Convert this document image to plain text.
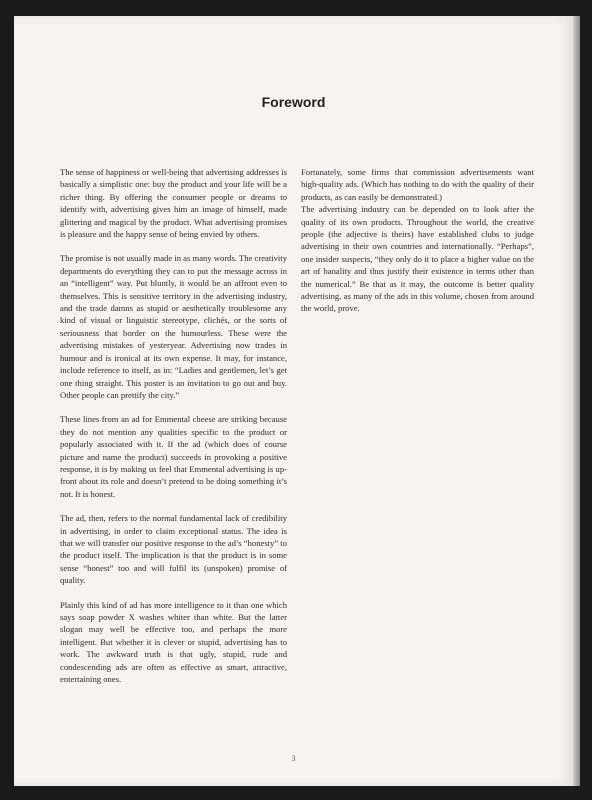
Foreword

The sense of happiness or well-being that advertising addresses is basically a simplistic one: buy the product and your life will be a richer thing. By offering the consumer people or dreams to identify with, advertising gives him an image of himself, made glittering and magical by the product. What advertising promises is pleasure and the happy sense of being envied by others.

The promise is not usually made in as many words. The creativity departments do everything they can to put the message across in an “intelligent” way. Put bluntly, it would be an affront even to themselves. This is sensitive territory in the advertising industry, and the trade damns as stupid or aesthetically troublesome any kind of visual or linguistic stereotype, clichés, or the sorts of seriousness that border on the humourless. These were the advertising mistakes of yesteryear. Advertising now trades in humour and is ironical at its own expense. It may, for instance, include reference to itself, as in: “Ladies and gentlemen, let’s get one thing straight. This poster is an invitation to go out and buy. Other people can prettify the city.”

These lines from an ad for Emmental cheese are striking because they do not mention any qualities specific to the product or popularly associated with it. If the ad (which does of course picture and name the product) succeeds in provoking a positive response, it is by making us feel that Emmental advertising is up-front about its role and doesn’t pretend to be doing something it’s not. It is honest.

The ad, then, refers to the normal fundamental lack of credibility in advertising, in order to claim exceptional status. The idea is that we will transfer our positive response to the ad’s “honesty” to the product itself. The implication is that the product is in some sense “honest” too and will fulfil its (unspoken) promise of quality.

Plainly this kind of ad has more intelligence to it than one which says soap powder X washes whiter than white. But the latter slogan may well be effective too, and perhaps the more intelligent. But whether it is clever or stupid, advertising has to work. The awkward truth is that ugly, stupid, rude and condescending ads are often as effective as smart, attractive, entertaining ones.

Fortunately, some firms that commission advertisements want high-quality ads. (Which has nothing to do with the quality of their products, as can easily be demonstrated.)

The advertising industry can be depended on to look after the quality of its own products. Throughout the world, the creative people (the adjective is theirs) have established clubs to judge advertising in their own countries and internationally. “Perhaps”, one insider suspects, “they only do it to place a higher value on the art of banality and thus justify their existence in terms other than the numerical.” Be that as it may, the outcome is better quality advertising, as many of the ads in this volume, chosen from around the world, prove.

3
